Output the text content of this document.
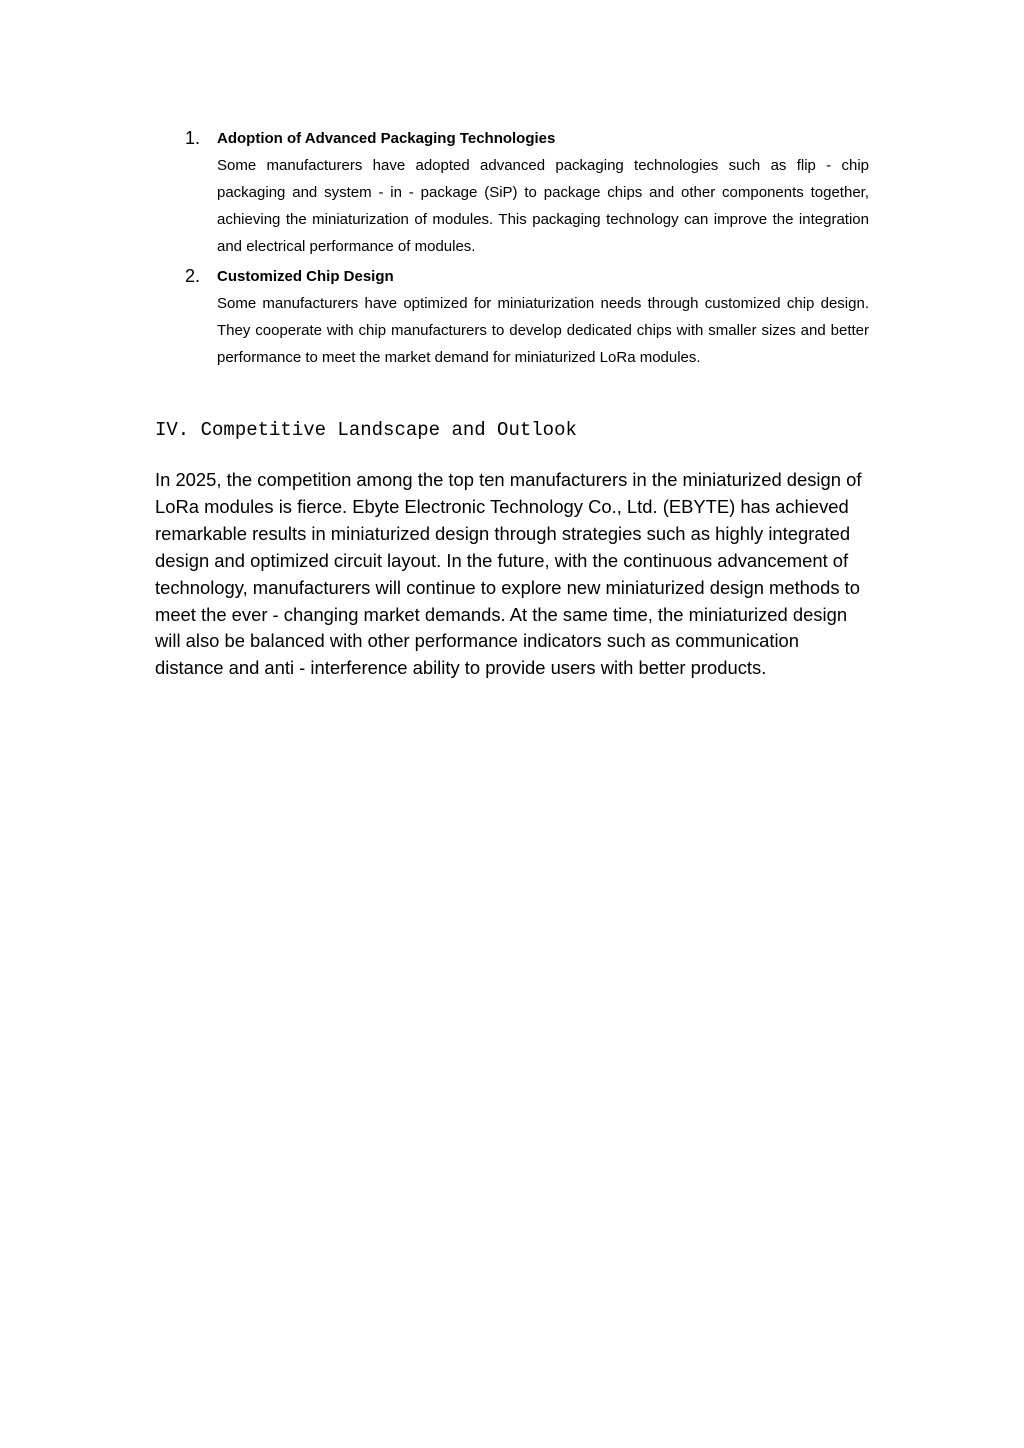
1. Adoption of Advanced Packaging Technologies
Some manufacturers have adopted advanced packaging technologies such as flip - chip packaging and system - in - package (SiP) to package chips and other components together, achieving the miniaturization of modules. This packaging technology can improve the integration and electrical performance of modules.
2. Customized Chip Design
Some manufacturers have optimized for miniaturization needs through customized chip design. They cooperate with chip manufacturers to develop dedicated chips with smaller sizes and better performance to meet the market demand for miniaturized LoRa modules.
IV. Competitive Landscape and Outlook

In 2025, the competition among the top ten manufacturers in the miniaturized design of LoRa modules is fierce. Ebyte Electronic Technology Co., Ltd. (EBYTE) has achieved remarkable results in miniaturized design through strategies such as highly integrated design and optimized circuit layout. In the future, with the continuous advancement of technology, manufacturers will continue to explore new miniaturized design methods to meet the ever - changing market demands. At the same time, the miniaturized design will also be balanced with other performance indicators such as communication distance and anti - interference ability to provide users with better products.
